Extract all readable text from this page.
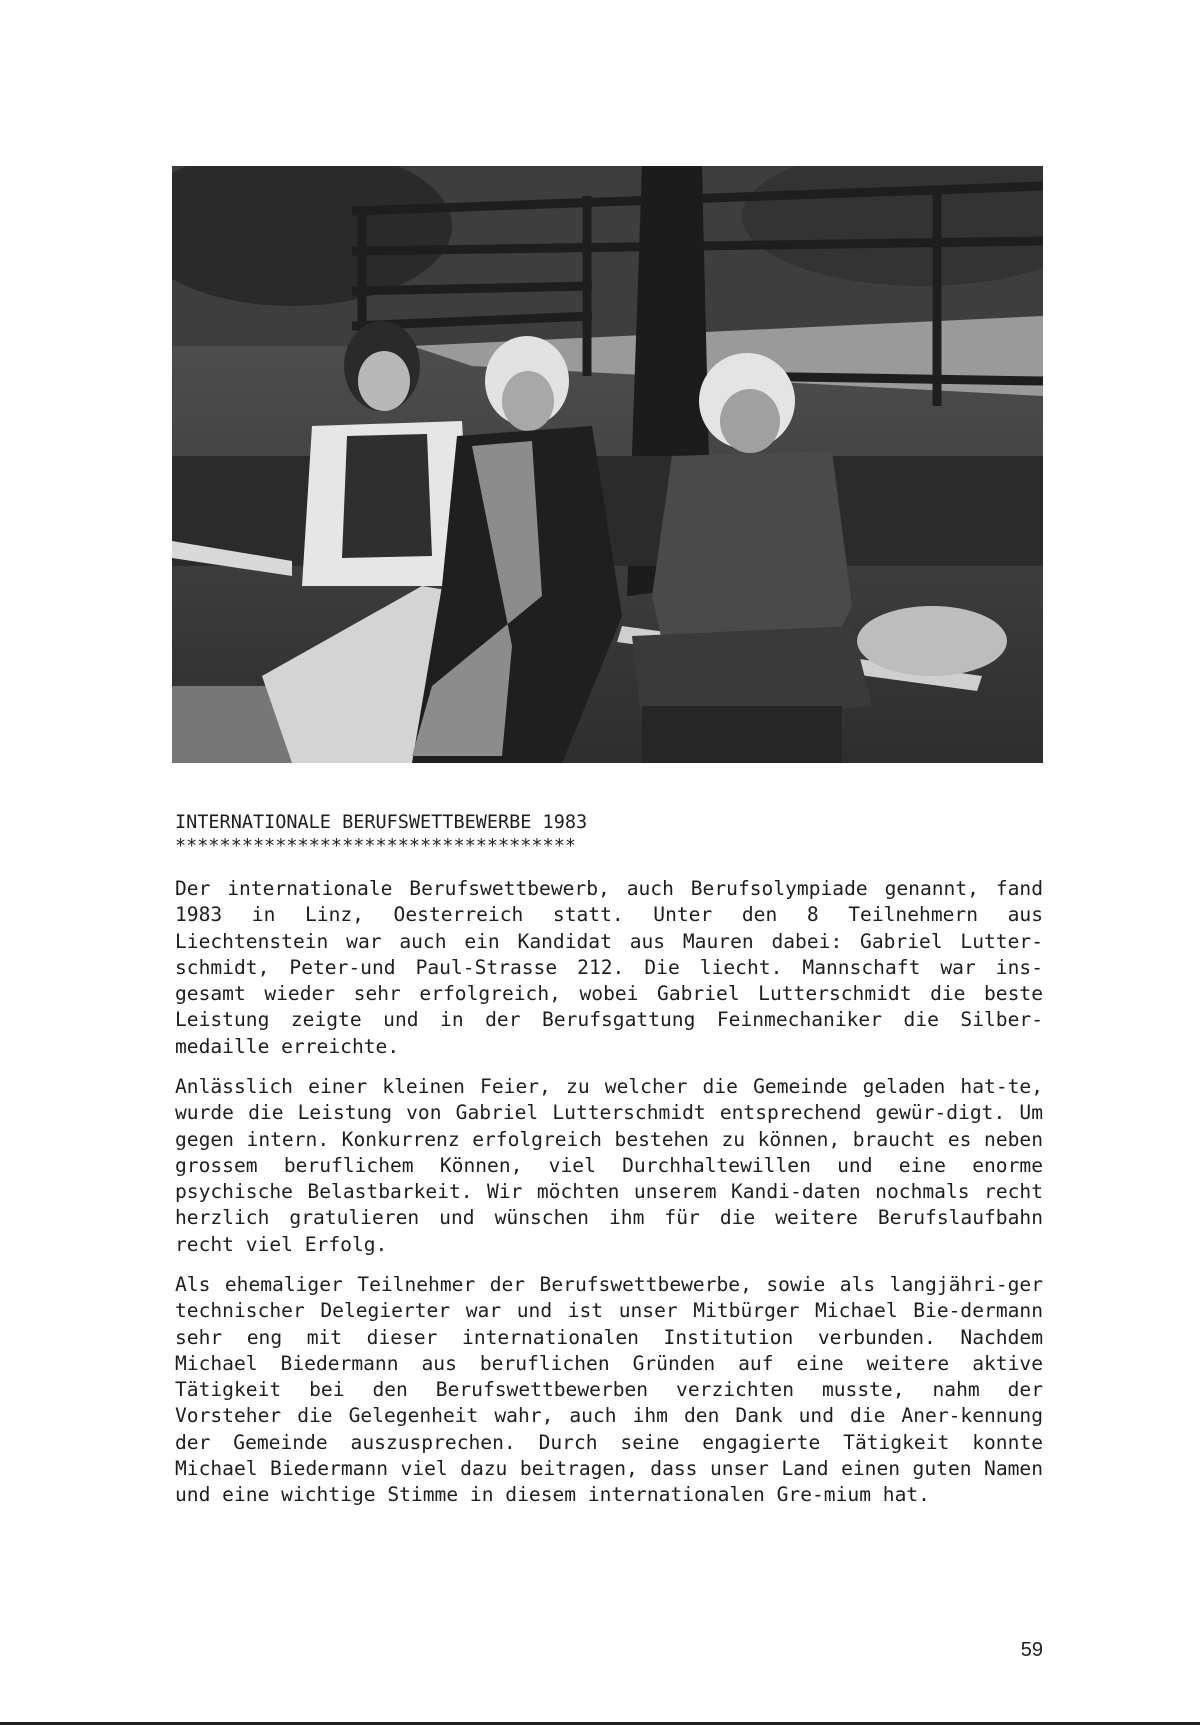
INTERNATIONALE BERUFSWETTBEWERBE 1983
************************************
Der internationale Berufswettbewerb, auch Berufsolympiade genannt, fand 1983 in Linz, Oesterreich statt. Unter den 8 Teilnehmern aus Liechtenstein war auch ein Kandidat aus Mauren dabei: Gabriel Lutter-schmidt, Peter-und Paul-Strasse 212. Die liecht. Mannschaft war ins-gesamt wieder sehr erfolgreich, wobei Gabriel Lutterschmidt die beste Leistung zeigte und in der Berufsgattung Feinmechaniker die Silber-medaille erreichte.
Anlässlich einer kleinen Feier, zu welcher die Gemeinde geladen hat-te, wurde die Leistung von Gabriel Lutterschmidt entsprechend gewür-digt. Um gegen intern. Konkurrenz erfolgreich bestehen zu können, braucht es neben grossem beruflichem Können, viel Durchhaltewillen und eine enorme psychische Belastbarkeit. Wir möchten unserem Kandi-daten nochmals recht herzlich gratulieren und wünschen ihm für die weitere Berufslaufbahn recht viel Erfolg.
Als ehemaliger Teilnehmer der Berufswettbewerbe, sowie als langjähri-ger technischer Delegierter war und ist unser Mitbürger Michael Bie-dermann sehr eng mit dieser internationalen Institution verbunden. Nachdem Michael Biedermann aus beruflichen Gründen auf eine weitere aktive Tätigkeit bei den Berufswettbewerben verzichten musste, nahm der Vorsteher die Gelegenheit wahr, auch ihm den Dank und die Aner-kennung der Gemeinde auszusprechen. Durch seine engagierte Tätigkeit konnte Michael Biedermann viel dazu beitragen, dass unser Land einen guten Namen und eine wichtige Stimme in diesem internationalen Gre-mium hat.
59
